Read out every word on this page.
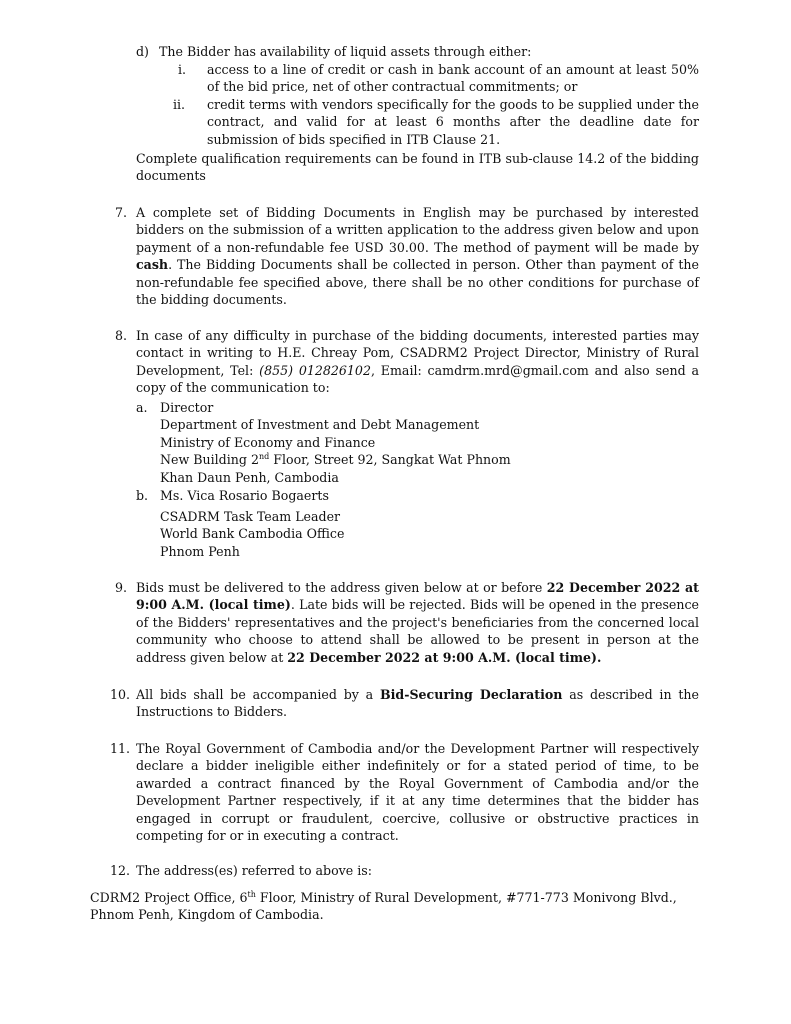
d) The Bidder has availability of liquid assets through either:
i. access to a line of credit or cash in bank account of an amount at least 50% of the bid price, net of other contractual commitments; or
ii. credit terms with vendors specifically for the goods to be supplied under the contract, and valid for at least 6 months after the deadline date for submission of bids specified in ITB Clause 21.
Complete qualification requirements can be found in ITB sub-clause 14.2 of the bidding documents
7. A complete set of Bidding Documents in English may be purchased by interested bidders on the submission of a written application to the address given below and upon payment of a non-refundable fee USD 30.00. The method of payment will be made by cash. The Bidding Documents shall be collected in person. Other than payment of the non-refundable fee specified above, there shall be no other conditions for purchase of the bidding documents.
8. In case of any difficulty in purchase of the bidding documents, interested parties may contact in writing to H.E. Chreay Pom, CSADRM2 Project Director, Ministry of Rural Development, Tel: (855) 012826102, Email: camdrm.mrd@gmail.com and also send a copy of the communication to:
a. Director
Department of Investment and Debt Management
Ministry of Economy and Finance
New Building 2nd Floor, Street 92, Sangkat Wat Phnom
Khan Daun Penh, Cambodia
b. Ms. Vica Rosario Bogaerts
CSADRM Task Team Leader
World Bank Cambodia Office
Phnom Penh
9. Bids must be delivered to the address given below at or before 22 December 2022 at 9:00 A.M. (local time). Late bids will be rejected. Bids will be opened in the presence of the Bidders' representatives and the project's beneficiaries from the concerned local community who choose to attend shall be allowed to be present in person at the address given below at 22 December 2022 at 9:00 A.M. (local time).
10. All bids shall be accompanied by a Bid-Securing Declaration as described in the Instructions to Bidders.
11. The Royal Government of Cambodia and/or the Development Partner will respectively declare a bidder ineligible either indefinitely or for a stated period of time, to be awarded a contract financed by the Royal Government of Cambodia and/or the Development Partner respectively, if it at any time determines that the bidder has engaged in corrupt or fraudulent, coercive, collusive or obstructive practices in competing for or in executing a contract.
12. The address(es) referred to above is:
CDRM2 Project Office, 6th Floor, Ministry of Rural Development, #771-773 Monivong Blvd.,
Phnom Penh, Kingdom of Cambodia.
